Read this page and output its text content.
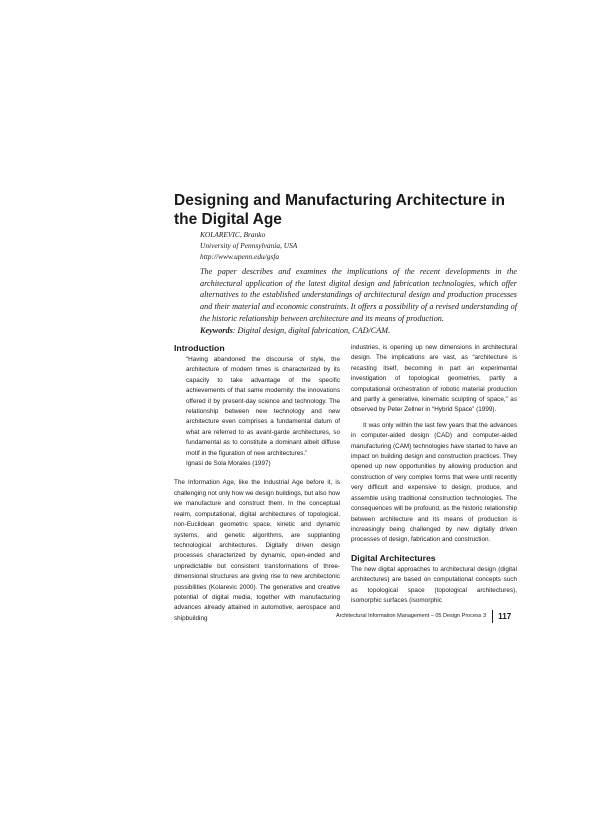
Designing and Manufacturing Architecture in the Digital Age
KOLAREVIC, Branko
University of Pennsylvania, USA
http://www.upenn.edu/gsfa

The paper describes and examines the implications of the recent developments in the architectural application of the latest digital design and fabrication technologies, which offer alternatives to the established understandings of architectural design and production processes and their material and economic constraints. It offers a possibility of a revised understanding of the historic relationship between architecture and its means of production.

Keywords: Digital design, digital fabrication, CAD/CAM.

Introduction

“Having abandoned the discourse of style, the architecture of modern times is characterized by its capacity to take advantage of the specific achievements of that same modernity: the innovations offered it by present-day science and technology. The relationship between new technology and new architecture even comprises a fundamental datum of what are referred to as avant-garde architectures, so fundamental as to constitute a dominant albeit diffuse motif in the figuration of new architectures.”

Ignasi de Sola Morales (1997)

The Information Age, like the Industrial Age before it, is challenging not only how we design buildings, but also how we manufacture and construct them. In the conceptual realm, computational, digital architectures of topological, non-Euclidean geometric space, kinetic and dynamic systems, and genetic algorithms, are supplanting technological architectures. Digitally driven design processes characterized by dynamic, open-ended and unpredictable but consistent transformations of three-dimensional structures are giving rise to new architectonic possibilities (Kolarevic 2000). The generative and creative potential of digital media, together with manufacturing advances already attained in automotive, aerospace and shipbuilding

industries, is opening up new dimensions in architectural design. The implications are vast, as “architecture is recasting itself, becoming in part an experimental investigation of topological geometries, partly a computational orchestration of robotic material production and partly a generative, kinematic sculpting of space,” as observed by Peter Zellner in “Hybrid Space” (1999).

It was only within the last few years that the advances in computer-aided design (CAD) and computer-aided manufacturing (CAM) technologies have started to have an impact on building design and construction practices. They opened up new opportunities by allowing production and construction of very complex forms that were until recently very difficult and expensive to design, produce, and assemble using traditional construction technologies. The consequences will be profound, as the historic relationship between architecture and its means of production is increasingly being challenged by new digitally driven processes of design, fabrication and construction.

Digital Architectures

The new digital approaches to architectural design (digital architectures) are based on computational concepts such as topological space (topological architectures), isomorphic surfaces (isomorphic

Architectural Information Management – 05 Design Process 3 117
